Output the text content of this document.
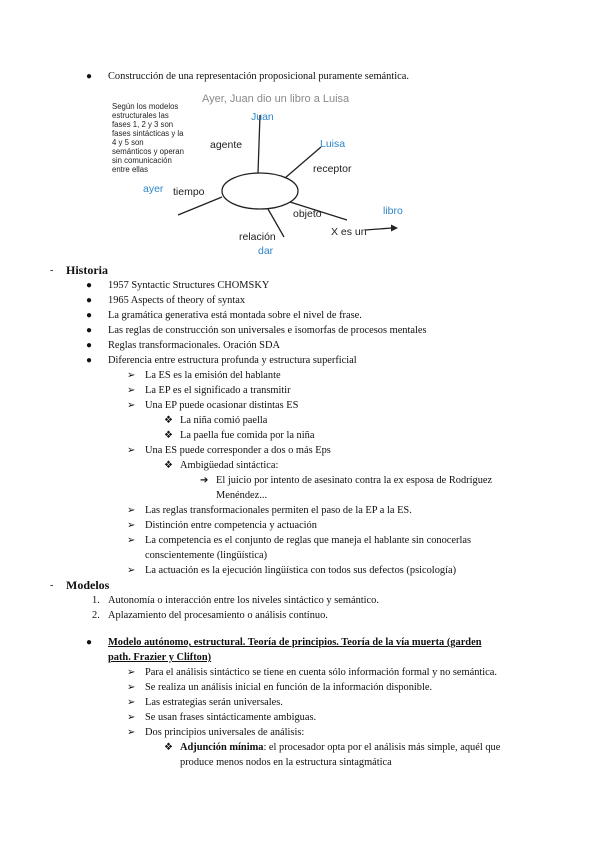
● Construcción de una representación proposicional puramente semántica.
Ayer, Juan dio un libro a Luisa
Según los modelos estructurales las fases 1, 2 y 3 son fases sintácticas y la 4 y 5 son semánticos y operan sin comunicación entre ellas
Juan
agente	Luisa
receptor
ayer tiempo
objeto	libro
X es un
relación
dar
- Historia
● 1957 Syntactic Structures CHOMSKY
● 1965 Aspects of theory of syntax
● La gramática generativa está montada sobre el nivel de frase.
● Las reglas de construcción son universales e isomorfas de procesos mentales
● Reglas transformacionales. Oración SDA
● Diferencia entre estructura profunda y estructura superficial
➢ La ES es la emisión del hablante
➢ La EP es el significado a transmitir
➢ Una EP puede ocasionar distintas ES
❖ La niña comió paella
❖ La paella fue comida por la niña
➢ Una ES puede corresponder a dos o más Eps
❖ Ambigüedad sintáctica:
➔ El juicio por intento de asesinato contra la ex esposa de Rodríguez
Menéndez...
➢ Las reglas transformacionales permiten el paso de la EP a la ES.
➢ Distinción entre competencia y actuación
➢ La competencia es el conjunto de reglas que maneja el hablante sin conocerlas
conscientemente (lingüística)
➢ La actuación es la ejecución lingüística con todos sus defectos (psicología)
- Modelos
1. Autonomía o interacción entre los niveles sintáctico y semántico.
2. Aplazamiento del procesamiento o análisis contínuo.
● Modelo autónomo, estructural. Teoría de principios. Teoría de la vía muerta (garden
path. Frazier y Clifton)
➢ Para el análisis sintáctico se tiene en cuenta sólo información formal y no semántica.
➢ Se realiza un análisis inicial en función de la información disponible.
➢ Las estrategias serán universales.
➢ Se usan frases sintácticamente ambiguas.
➢ Dos principios universales de análisis:
❖ Adjunción mínima: el procesador opta por el análisis más simple, aquél que
produce menos nodos en la estructura sintagmática
